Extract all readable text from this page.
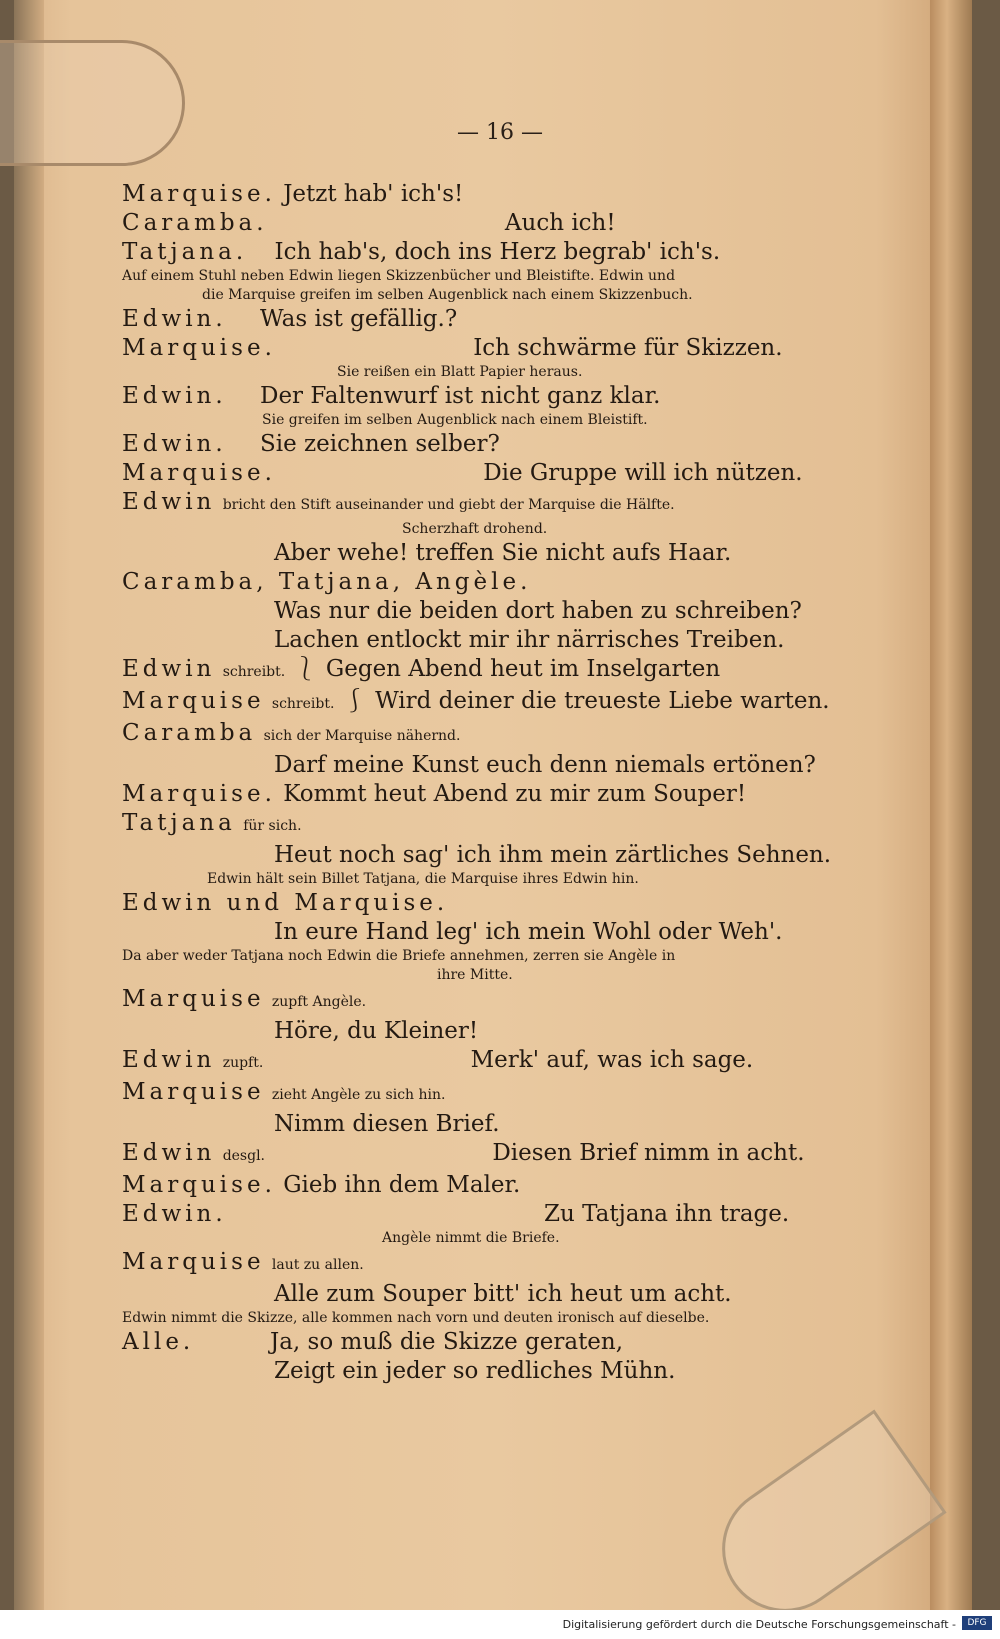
— 16 —
Marquise. Jetzt hab' ich's!
Caramba.	Auch ich!
Tatjana. Ich hab's, doch ins Herz begrab' ich's.
Auf einem Stuhl neben Edwin liegen Skizzenbücher und Bleistifte. Edwin und
die Marquise greifen im selben Augenblick nach einem Skizzenbuch.
Edwin. Was ist gefällig.?
Marquise.	Ich schwärme für Skizzen.
Sie reißen ein Blatt Papier heraus.
Edwin. Der Faltenwurf ist nicht ganz klar.
Sie greifen im selben Augenblick nach einem Bleistift.
Edwin. Sie zeichnen selber?
Marquise.	Die Gruppe will ich nützen.
Edwin bricht den Stift auseinander und giebt der Marquise die Hälfte.
Scherzhaft drohend.
Aber wehe! treffen Sie nicht aufs Haar.
Caramba, Tatjana, Angèle.
Was nur die beiden dort haben zu schreiben?
Lachen entlockt mir ihr närrisches Treiben.
Edwin schreibt. ⎱ Gegen Abend heut im Inselgarten
Marquise schreibt. ⎰ Wird deiner die treueste Liebe warten.
Caramba sich der Marquise nähernd.
Darf meine Kunst euch denn niemals ertönen?
Marquise. Kommt heut Abend zu mir zum Souper!
Tatjana für sich.
Heut noch sag' ich ihm mein zärtliches Sehnen.
Edwin hält sein Billet Tatjana, die Marquise ihres Edwin hin.
Edwin und Marquise.
In eure Hand leg' ich mein Wohl oder Weh'.
Da aber weder Tatjana noch Edwin die Briefe annehmen, zerren sie Angèle in
ihre Mitte.
Marquise zupft Angèle.
Höre, du Kleiner!
Edwin zupft.	Merk' auf, was ich sage.
Marquise zieht Angèle zu sich hin.
Nimm diesen Brief.
Edwin desgl.	Diesen Brief nimm in acht.
Marquise. Gieb ihn dem Maler.
Edwin.	Zu Tatjana ihn trage.
Angèle nimmt die Briefe.
Marquise laut zu allen.
Alle zum Souper bitt' ich heut um acht.
Edwin nimmt die Skizze, alle kommen nach vorn und deuten ironisch auf dieselbe.
Alle.	Ja, so muß die Skizze geraten,
Zeigt ein jeder so redliches Mühn.
Digitalisierung gefördert durch die Deutsche Forschungsgemeinschaft -	DFG
